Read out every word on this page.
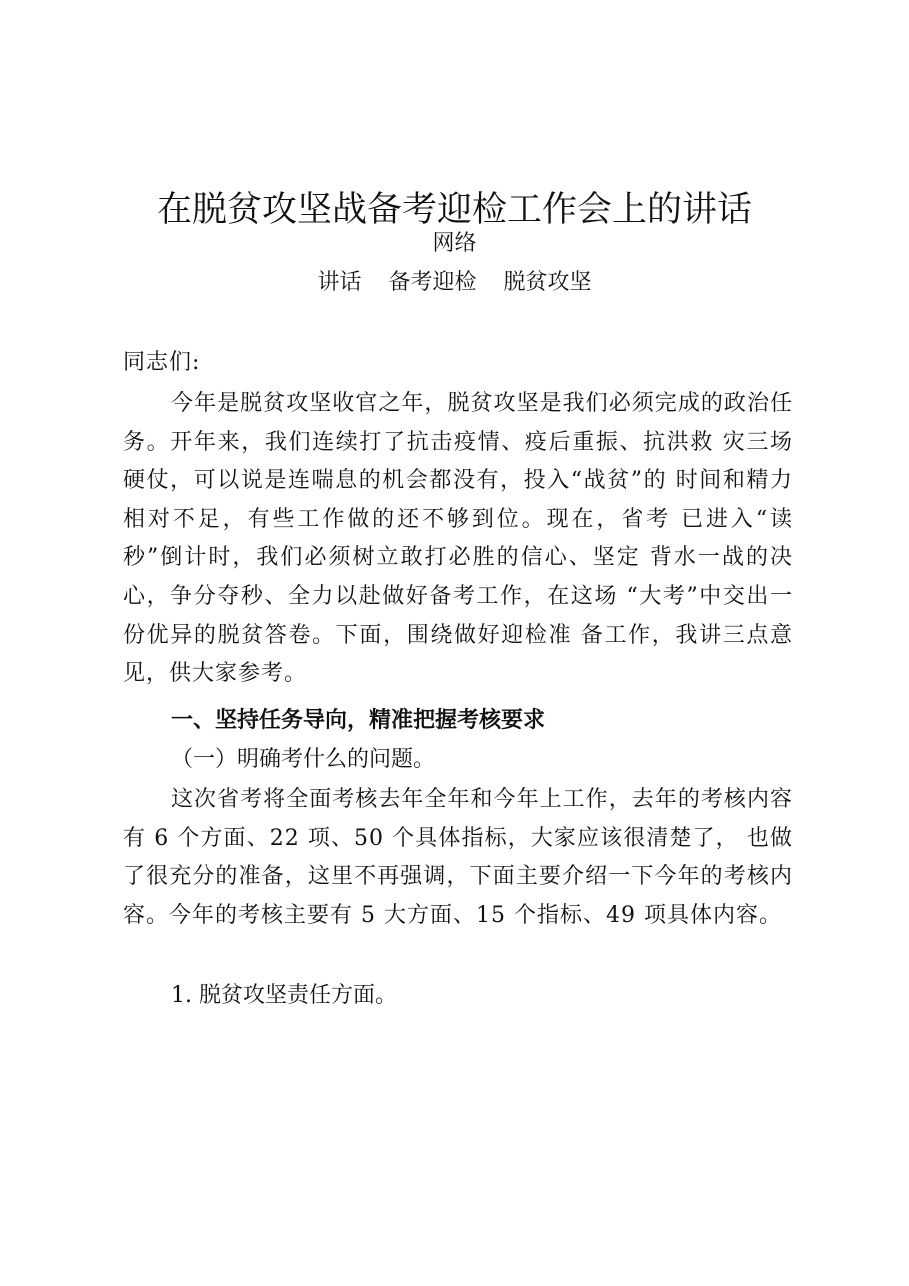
在脱贫攻坚战备考迎检工作会上的讲话
网络
讲话 备考迎检 脱贫攻坚
同志们:
今年是脱贫攻坚收官之年，脱贫攻坚是我们必须完成的政治任务。开年来，我们连续打了抗击疫情、疫后重振、抗洪救 灾三场硬仗，可以说是连喘息的机会都没有，投入“战贫”的 时间和精力相对不足，有些工作做的还不够到位。现在，省考 已进入“读秒”倒计时，我们必须树立敢打必胜的信心、坚定 背水一战的决心，争分夺秒、全力以赴做好备考工作，在这场 “大考”中交出一份优异的脱贫答卷。下面，围绕做好迎检准 备工作，我讲三点意见，供大家参考。
一、坚持任务导向，精准把握考核要求
（一）明确考什么的问题。
这次省考将全面考核去年全年和今年上工作，去年的考核内容有 6 个方面、22 项、50 个具体指标，大家应该很清楚了， 也做了很充分的准备，这里不再强调，下面主要介绍一下今年的考核内容。今年的考核主要有 5 大方面、15 个指标、49 项具体内容。
1. 脱贫攻坚责任方面。
